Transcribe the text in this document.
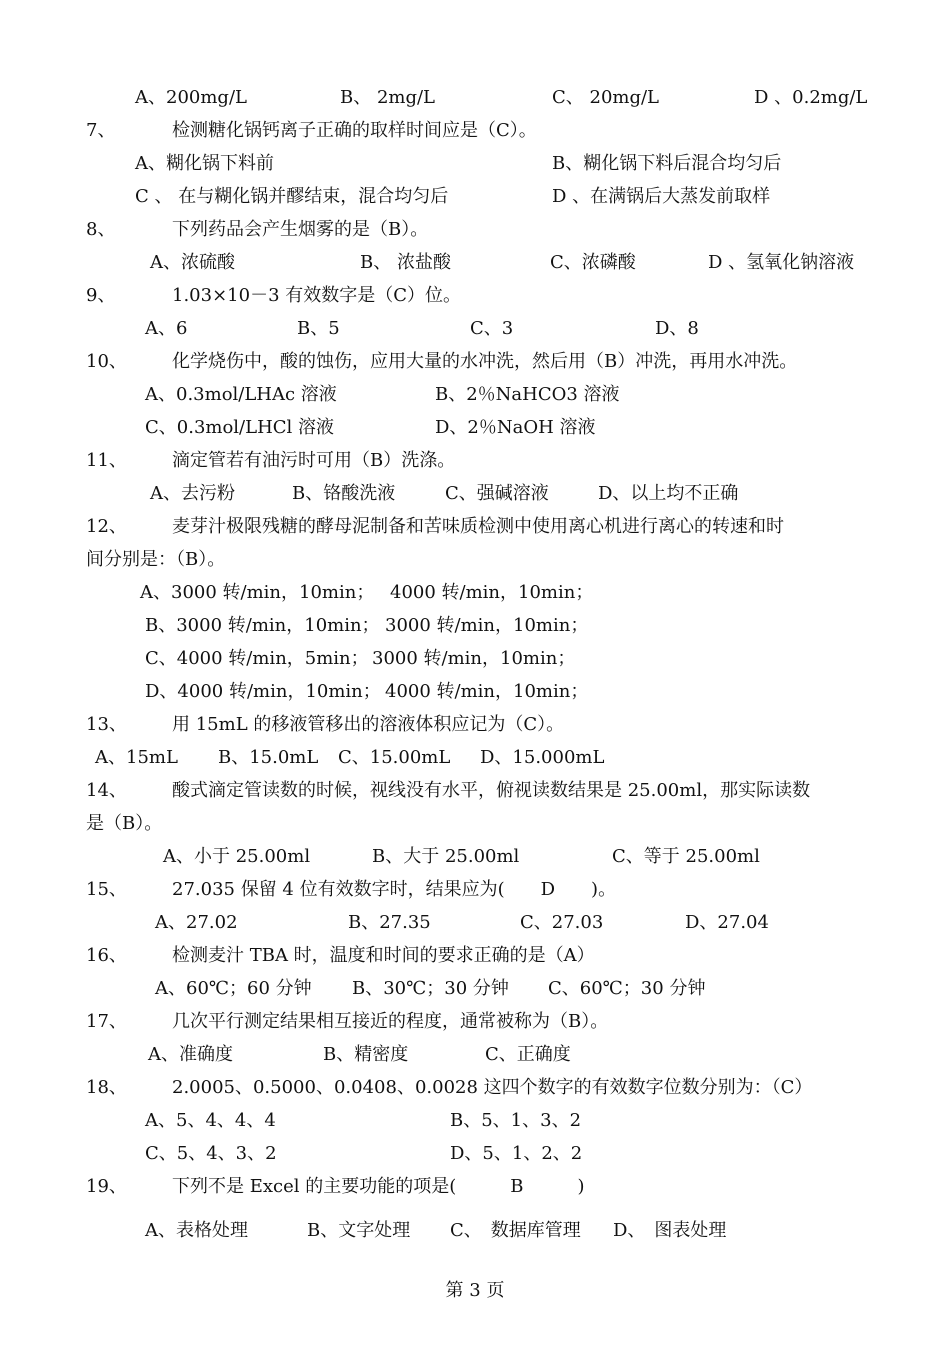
A、200mg/L	B、 2mg/L	C、 20mg/L	D 、0.2mg/L
7、	检测糖化锅钙离子正确的取样时间应是（C）。
A、糊化锅下料前	B、糊化锅下料后混合均匀后
C 、 在与糊化锅并醪结束，混合均匀后	D 、在满锅后大蒸发前取样
8、	下列药品会产生烟雾的是（B）。
A、浓硫酸	B、 浓盐酸	C、浓磷酸	D 、氢氧化钠溶液
9、	1.03×10－3 有效数字是（C）位。
A、6	B、5	C、3	D、8
10、	化学烧伤中，酸的蚀伤，应用大量的水冲洗，然后用（B）冲洗，再用水冲洗。
A、0.3mol/LHAc 溶液	B、2％NaHCO3 溶液
C、0.3mol/LHCl 溶液	D、2％NaOH 溶液
11、	滴定管若有油污时可用（B）洗涤。
A、去污粉	B、铬酸洗液	C、强碱溶液	D、以上均不正确
12、	麦芽汁极限残糖的酵母泥制备和苦味质检测中使用离心机进行离心的转速和时
间分别是：（B）。
A、3000 转/min，10min； 4000 转/min，10min；
B、3000 转/min，10min； 3000 转/min，10min；
C、4000 转/min，5min； 3000 转/min，10min；
D、4000 转/min，10min； 4000 转/min，10min；
13、	用 15mL 的移液管移出的溶液体积应记为（C）。
A、15mL B、15.0mL C、15.00mL D、15.000mL
14、	酸式滴定管读数的时候，视线没有水平，俯视读数结果是 25.00ml，那实际读数
是（B）。
A、小于 25.00ml	B、大于 25.00ml	C、等于 25.00ml
15、	27.035 保留 4 位有效数字时，结果应为(　　D　　)。
A、27.02	B、27.35	C、27.03	D、27.04
16、	检测麦汁 TBA 时，温度和时间的要求正确的是（A）
A、60℃；60 分钟 B、30℃；30 分钟 C、60℃；30 分钟
17、	几次平行测定结果相互接近的程度，通常被称为（B）。
A、准确度	B、精密度	C、正确度
18、	2.0005、0.5000、0.0408、0.0028 这四个数字的有效数字位数分别为：（C）
A、5、4、4、4	B、5、1、3、2
C、5、4、3、2	D、5、1、2、2
19、	下列不是 Excel 的主要功能的项是(　　　B　　　)
A、表格处理	B、文字处理 C、　数据库管理 D、　图表处理
第 3 页
